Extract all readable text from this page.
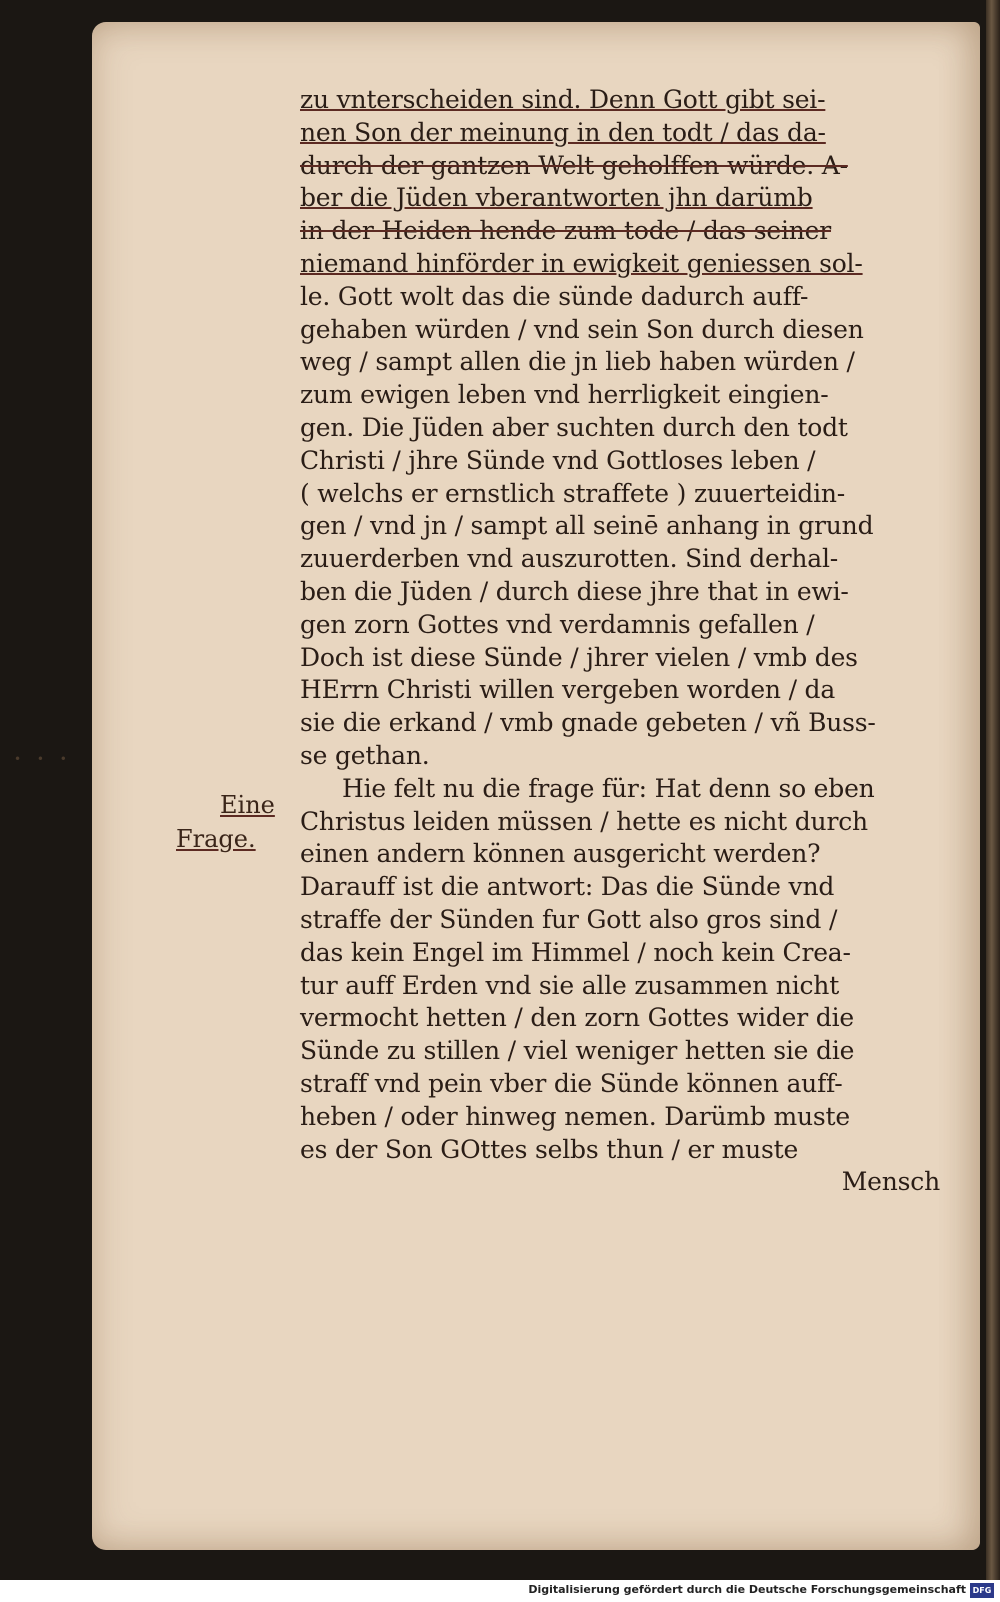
• • •
Eine
Frage.
zu vnterscheiden sind. Denn Gott gibt sei-
nen Son der meinung in den todt / das da-
durch der gantzen Welt geholffen würde. A-
ber die Jüden vberantworten jhn darümb
in der Heiden hende zum tode / das seiner
niemand hinförder in ewigkeit geniessen sol-
le. Gott wolt das die sünde dadurch auff-
gehaben würden / vnd sein Son durch diesen
weg / sampt allen die jn lieb haben würden /
zum ewigen leben vnd herrligkeit eingien-
gen. Die Jüden aber suchten durch den todt
Christi / jhre Sünde vnd Gottloses leben /
( welchs er ernstlich straffete ) zuuerteidin-
gen / vnd jn / sampt all seinē anhang in grund
zuuerderben vnd auszurotten. Sind derhal-
ben die Jüden / durch diese jhre that in ewi-
gen zorn Gottes vnd verdamnis gefallen /
Doch ist diese Sünde / jhrer vielen / vmb des
HErrn Christi willen vergeben worden / da
sie die erkand / vmb gnade gebeten / vñ Buss-
se gethan.
Hie felt nu die frage für: Hat denn so eben
Christus leiden müssen / hette es nicht durch
einen andern können ausgericht werden?
Darauff ist die antwort: Das die Sünde vnd
straffe der Sünden fur Gott also gros sind /
das kein Engel im Himmel / noch kein Crea-
tur auff Erden vnd sie alle zusammen nicht
vermocht hetten / den zorn Gottes wider die
Sünde zu stillen / viel weniger hetten sie die
straff vnd pein vber die Sünde können auff-
heben / oder hinweg nemen. Darümb muste
es der Son GOttes selbs thun / er muste
Mensch
Digitalisierung gefördert durch die Deutsche Forschungsgemeinschaft DFG
